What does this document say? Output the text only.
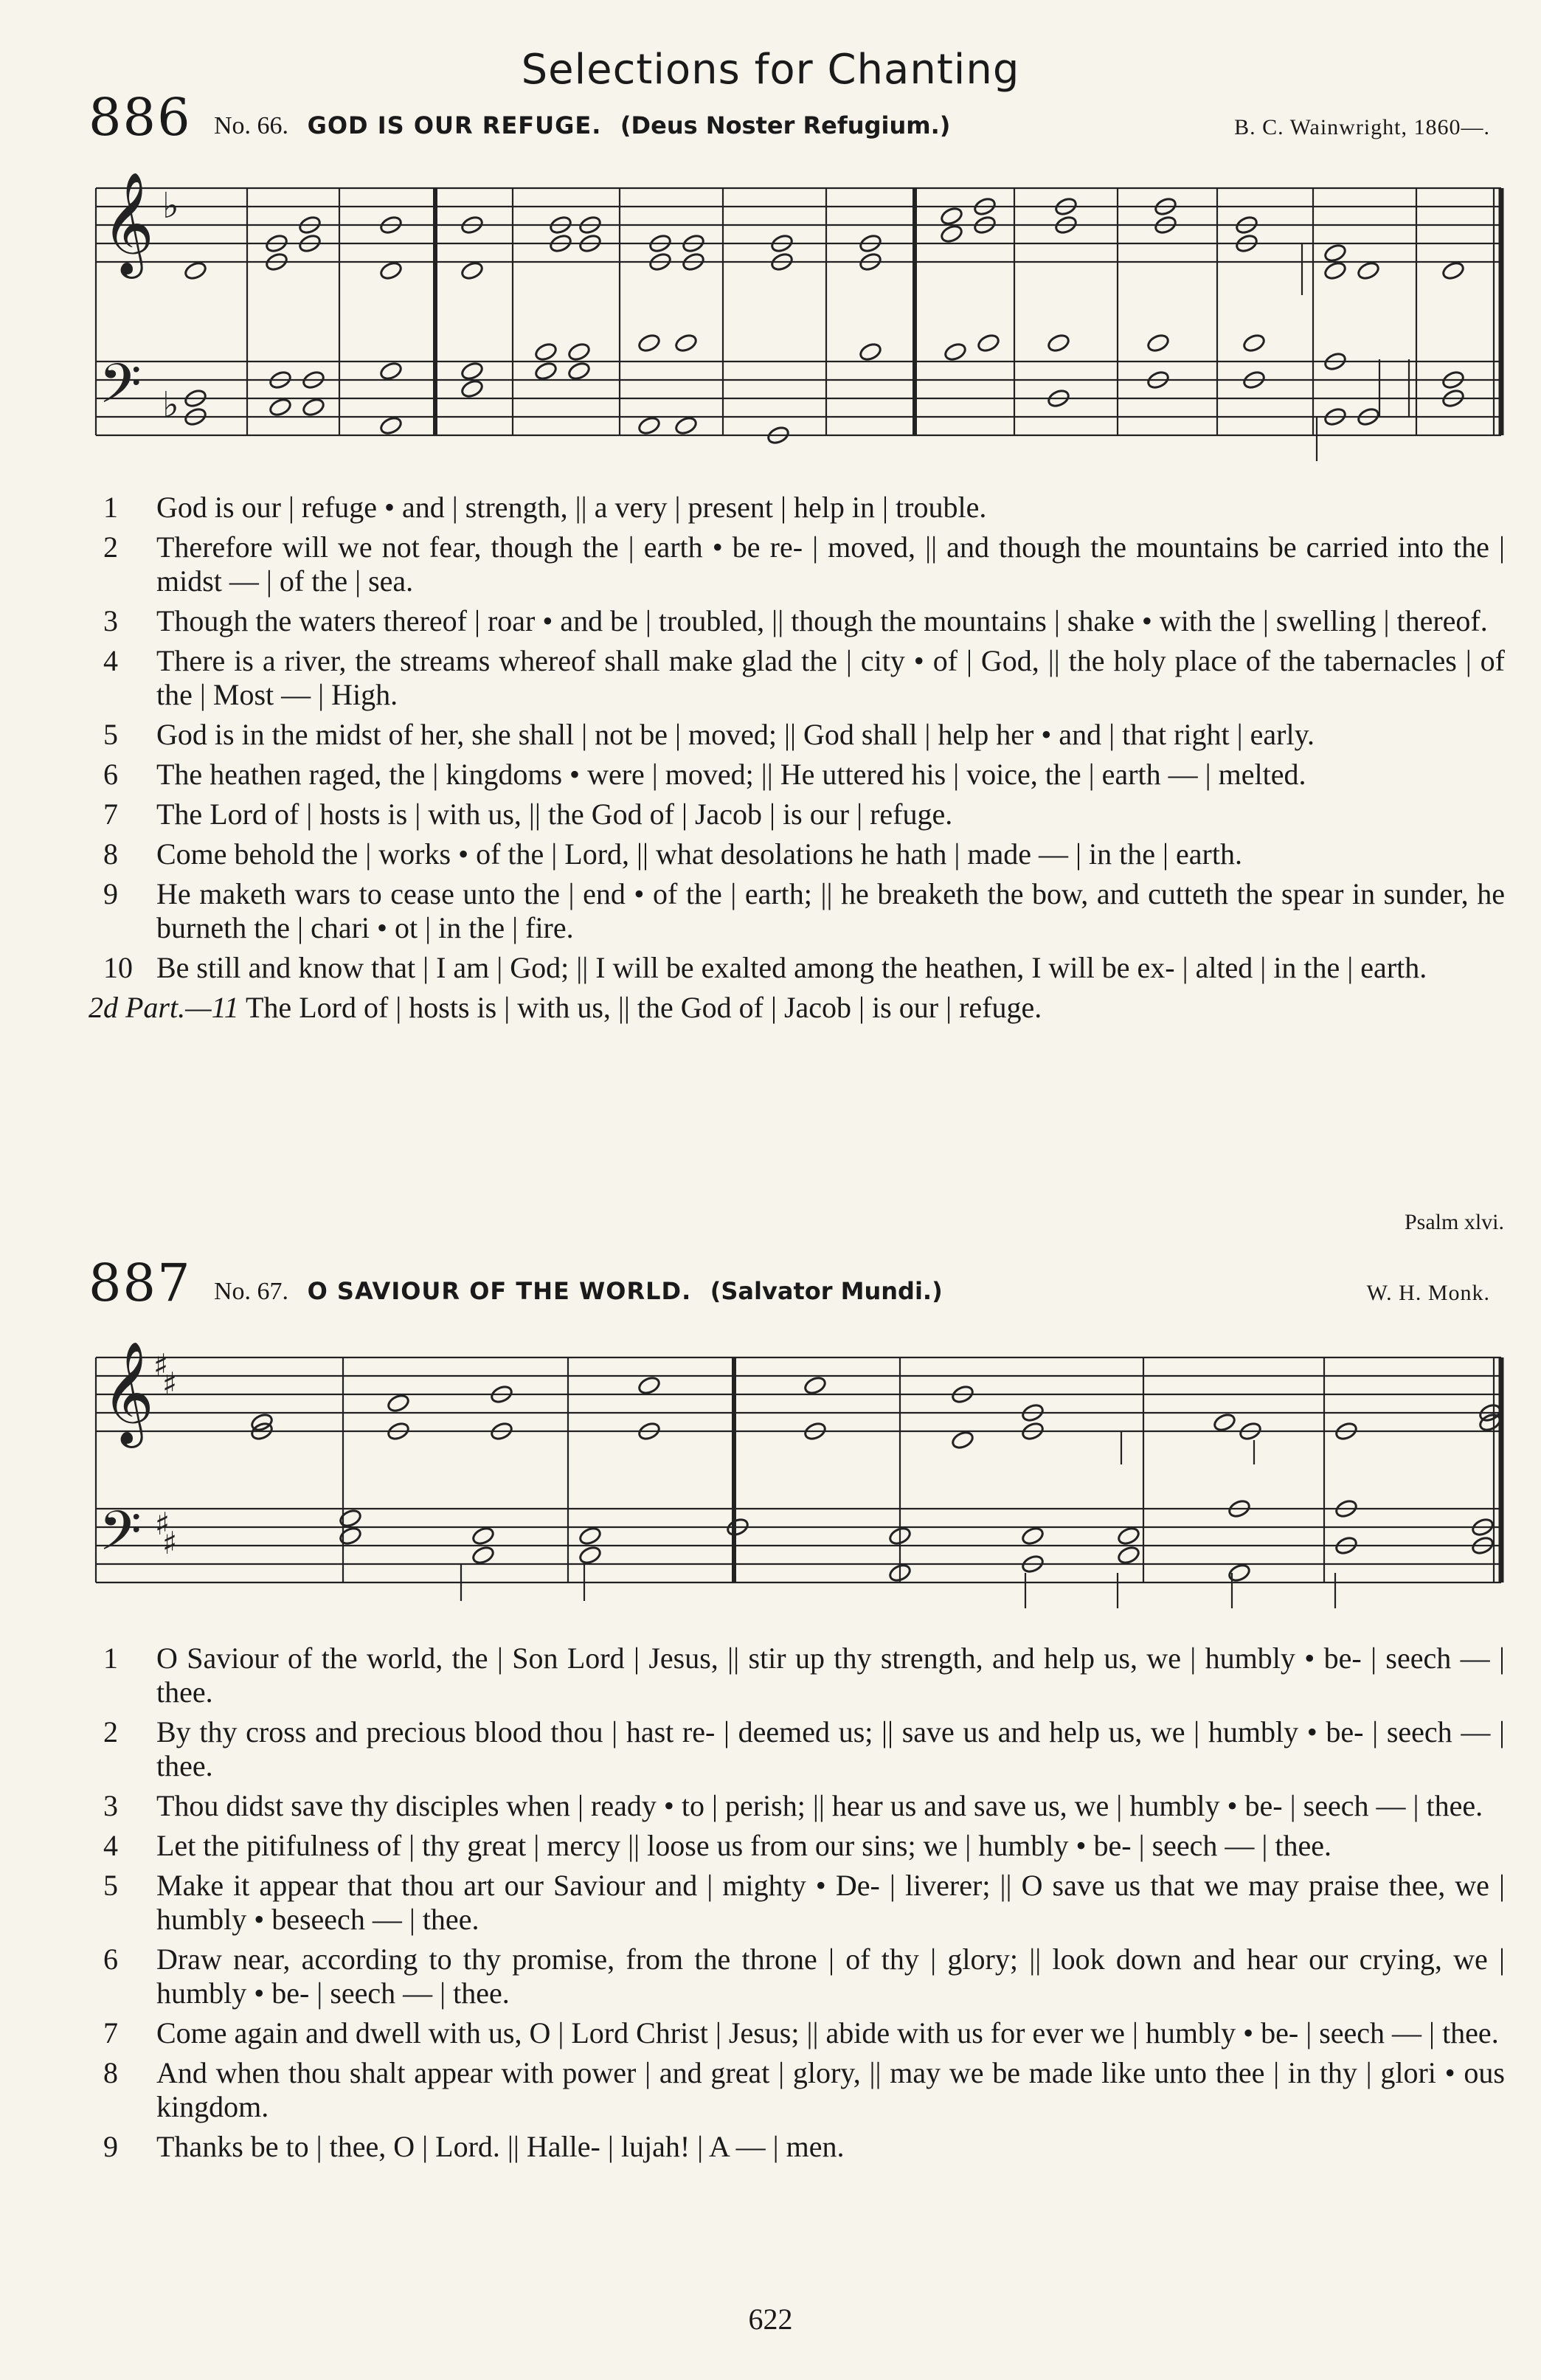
Selections for Chanting
886 No. 66. GOD IS OUR REFUGE. (Deus Noster Refugium.)	B. C. Wainwright, 1860—.
𝄞 ♭
𝄢 ♭
1	God is our | refuge • and | strength, || a very | present | help in | trouble.
2	Therefore will we not fear, though the | earth • be re- | moved, || and though the mountains be carried into the | midst — | of the | sea.
3	Though the waters thereof | roar • and be | troubled, || though the mountains | shake • with the | swelling | thereof.
4	There is a river, the streams whereof shall make glad the | city • of | God, || the holy place of the tabernacles | of the | Most — | High.
5	God is in the midst of her, she shall | not be | moved; || God shall | help her • and | that right | early.
6	The heathen raged, the | kingdoms • were | moved; || He uttered his | voice, the | earth — | melted.
7	The Lord of | hosts is | with us, || the God of | Jacob | is our | refuge.
8	Come behold the | works • of the | Lord, || what desolations he hath | made — | in the | earth.
9	He maketh wars to cease unto the | end • of the | earth; || he breaketh the bow, and cutteth the spear in sunder, he burneth the | chari • ot | in the | fire.
10 Be still and know that | I am | God; || I will be exalted among the heathen, I will be ex- | alted | in the | earth.
2d Part.—11 The Lord of | hosts is | with us, || the God of | Jacob | is our | refuge.
Psalm xlvi.
887 No. 67. O SAVIOUR OF THE WORLD. (Salvator Mundi.)	W. H. Monk.
𝄞 ♯
♯
𝄢 ♯
♯
1	O Saviour of the world, the | Son Lord | Jesus, || stir up thy strength, and help us, we | humbly • be- | seech — | thee.
2	By thy cross and precious blood thou | hast re- | deemed us; || save us and help us, we | humbly • be- | seech — | thee.
3	Thou didst save thy disciples when | ready • to | perish; || hear us and save us, we | humbly • be- | seech — | thee.
4	Let the pitifulness of | thy great | mercy || loose us from our sins; we | humbly • be- | seech — | thee.
5	Make it appear that thou art our Saviour and | mighty • De- | liverer; || O save us that we may praise thee, we | humbly • beseech — | thee.
6	Draw near, according to thy promise, from the throne | of thy | glory; || look down and hear our crying, we | humbly • be- | seech — | thee.
7	Come again and dwell with us, O | Lord Christ | Jesus; || abide with us for ever we | humbly • be- | seech — | thee.
8	And when thou shalt appear with power | and great | glory, || may we be made like unto thee | in thy | glori • ous kingdom.
9	Thanks be to | thee, O | Lord. || Halle- | lujah! | A — | men.
622
